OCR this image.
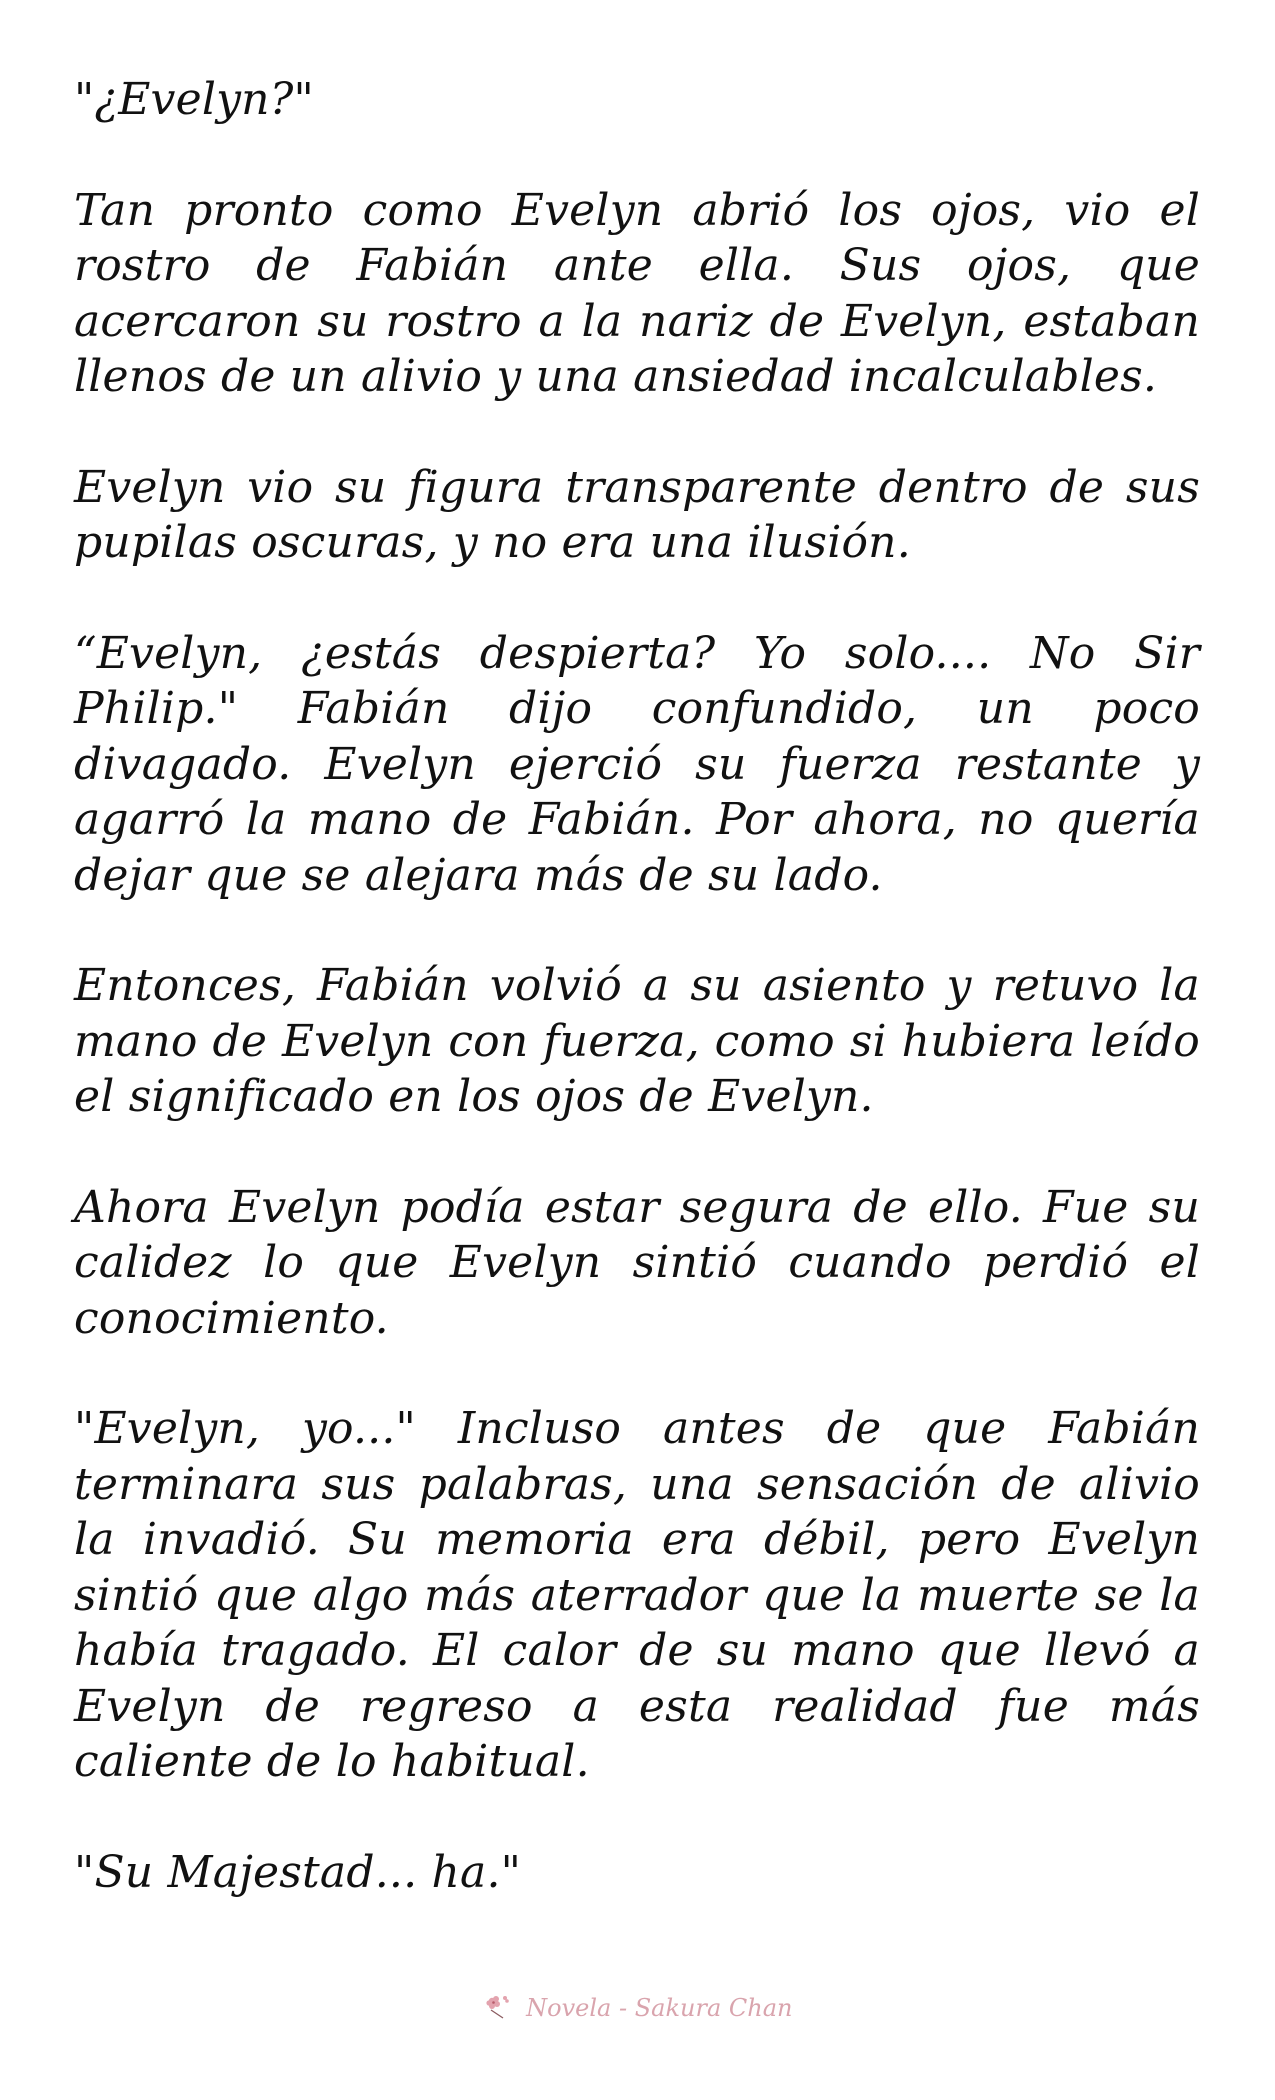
"¿Evelyn?"

Tan pronto como Evelyn abrió los ojos, vio el rostro de Fabián ante ella. Sus ojos, que acercaron su rostro a la nariz de Evelyn, estaban llenos de un alivio y una ansiedad incalculables.

Evelyn vio su figura transparente dentro de sus pupilas oscuras, y no era una ilusión.

“Evelyn, ¿estás despierta? Yo solo.... No Sir Philip." Fabián dijo confundido, un poco divagado. Evelyn ejerció su fuerza restante y agarró la mano de Fabián. Por ahora, no quería dejar que se alejara más de su lado.

Entonces, Fabián volvió a su asiento y retuvo la mano de Evelyn con fuerza, como si hubiera leído el significado en los ojos de Evelyn.

Ahora Evelyn podía estar segura de ello. Fue su calidez lo que Evelyn sintió cuando perdió el conocimiento.

"Evelyn, yo..." Incluso antes de que Fabián terminara sus palabras, una sensación de alivio la invadió. Su memoria era débil, pero Evelyn sintió que algo más aterrador que la muerte se la había tragado. El calor de su mano que llevó a Evelyn de regreso a esta realidad fue más caliente de lo habitual.

"Su Majestad... ha."

Novela - Sakura Chan
